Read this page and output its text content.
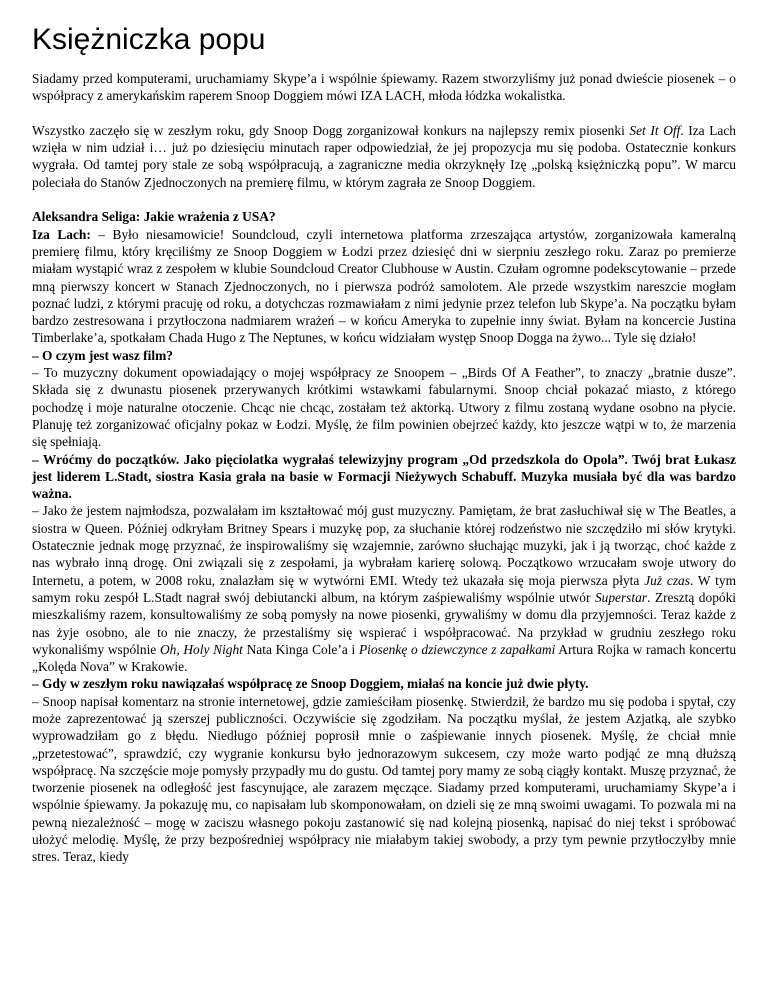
Księżniczka popu

Siadamy przed komputerami, uruchamiamy Skype’a i wspólnie śpiewamy. Razem stworzyliśmy już ponad dwieście piosenek – o współpracy z amerykańskim raperem Snoop Doggiem mówi IZA LACH, młoda łódzka wokalistka.

Wszystko zaczęło się w zeszłym roku, gdy Snoop Dogg zorganizował konkurs na najlepszy remix piosenki Set It Off. Iza Lach wzięła w nim udział i… już po dziesięciu minutach raper odpowiedział, że jej propozycja mu się podoba. Ostatecznie konkurs wygrała. Od tamtej pory stale ze sobą współpracują, a zagraniczne media okrzyknęły Izę „polską księżniczką popu”. W marcu poleciała do Stanów Zjednoczonych na premierę filmu, w którym zagrała ze Snoop Doggiem.

Aleksandra Seliga: Jakie wrażenia z USA?

Iza Lach: – Było niesamowicie! Soundcloud, czyli internetowa platforma zrzeszająca artystów, zorganizowała kameralną premierę filmu, który kręciliśmy ze Snoop Doggiem w Łodzi przez dziesięć dni w sierpniu zeszłego roku. Zaraz po premierze miałam wystąpić wraz z zespołem w klubie Soundcloud Creator Clubhouse w Austin. Czułam ogromne podekscytowanie – przede mną pierwszy koncert w Stanach Zjednoczonych, no i pierwsza podróż samolotem. Ale przede wszystkim nareszcie mogłam poznać ludzi, z którymi pracuję od roku, a dotychczas rozmawiałam z nimi jedynie przez telefon lub Skype’a. Na początku byłam bardzo zestresowana i przytłoczona nadmiarem wrażeń – w końcu Ameryka to zupełnie inny świat. Byłam na koncercie Justina Timberlake’a, spotkałam Chada Hugo z The Neptunes, w końcu widziałam występ Snoop Dogga na żywo... Tyle się działo!

– O czym jest wasz film?

– To muzyczny dokument opowiadający o mojej współpracy ze Snoopem – „Birds Of A Feather”, to znaczy „bratnie dusze”. Składa się z dwunastu piosenek przerywanych krótkimi wstawkami fabularnymi. Snoop chciał pokazać miasto, z którego pochodzę i moje naturalne otoczenie. Chcąc nie chcąc, zostałam też aktorką. Utwory z filmu zostaną wydane osobno na płycie. Planuję też zorganizować oficjalny pokaz w Łodzi. Myślę, że film powinien obejrzeć każdy, kto jeszcze wątpi w to, że marzenia się spełniają.

– Wróćmy do początków. Jako pięciolatka wygrałaś telewizyjny program „Od przedszkola do Opola”. Twój brat Łukasz jest liderem L.Stadt, siostra Kasia grała na basie w Formacji Nieżywych Schabuff. Muzyka musiała być dla was bardzo ważna.

– Jako że jestem najmłodsza, pozwalałam im kształtować mój gust muzyczny. Pamiętam, że brat zasłuchiwał się w The Beatles, a siostra w Queen. Później odkryłam Britney Spears i muzykę pop, za słuchanie której rodzeństwo nie szczędziło mi słów krytyki. Ostatecznie jednak mogę przyznać, że inspirowaliśmy się wzajemnie, zarówno słuchając muzyki, jak i ją tworząc, choć każde z nas wybrało inną drogę. Oni związali się z zespołami, ja wybrałam karierę solową. Początkowo wrzucałam swoje utwory do Internetu, a potem, w 2008 roku, znalazłam się w wytwórni EMI. Wtedy też ukazała się moja pierwsza płyta Już czas. W tym samym roku zespół L.Stadt nagrał swój debiutancki album, na którym zaśpiewaliśmy wspólnie utwór Superstar. Zresztą dopóki mieszkaliśmy razem, konsultowaliśmy ze sobą pomysły na nowe piosenki, grywaliśmy w domu dla przyjemności. Teraz każde z nas żyje osobno, ale to nie znaczy, że przestaliśmy się wspierać i współpracować. Na przykład w grudniu zeszłego roku wykonaliśmy wspólnie Oh, Holy Night Nata Kinga Cole’a i Piosenkę o dziewczynce z zapałkami Artura Rojka w ramach koncertu „Kolęda Nova” w Krakowie.

– Gdy w zeszłym roku nawiązałaś współpracę ze Snoop Doggiem, miałaś na koncie już dwie płyty.

– Snoop napisał komentarz na stronie internetowej, gdzie zamieściłam piosenkę. Stwierdził, że bardzo mu się podoba i spytał, czy może zaprezentować ją szerszej publiczności. Oczywiście się zgodziłam. Na początku myślał, że jestem Azjatką, ale szybko wyprowadziłam go z błędu. Niedługo później poprosił mnie o zaśpiewanie innych piosenek. Myślę, że chciał mnie „przetestować”, sprawdzić, czy wygranie konkursu było jednorazowym sukcesem, czy może warto podjąć ze mną dłuższą współpracę. Na szczęście moje pomysły przypadły mu do gustu. Od tamtej pory mamy ze sobą ciągły kontakt. Muszę przyznać, że tworzenie piosenek na odległość jest fascynujące, ale zarazem męczące. Siadamy przed komputerami, uruchamiamy Skype’a i wspólnie śpiewamy. Ja pokazuję mu, co napisałam lub skomponowałam, on dzieli się ze mną swoimi uwagami. To pozwala mi na pewną niezależność – mogę w zaciszu własnego pokoju zastanowić się nad kolejną piosenką, napisać do niej tekst i spróbować ułożyć melodię. Myślę, że przy bezpośredniej współpracy nie miałabym takiej swobody, a przy tym pewnie przytłoczyłby mnie stres. Teraz, kiedy
